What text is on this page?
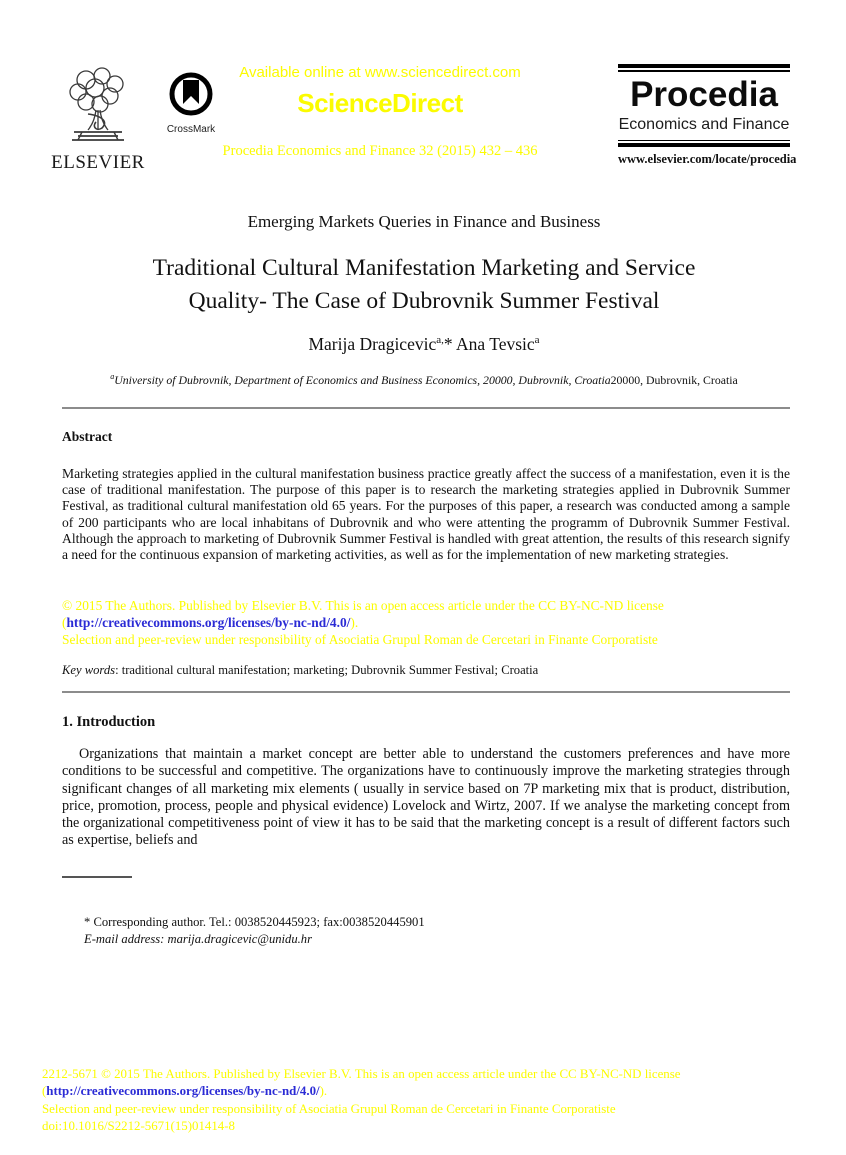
ELSEVIER
CrossMark
Available online at www.sciencedirect.com
ScienceDirect
Procedia Economics and Finance 32 (2015) 432 – 436
Procedia
Economics and Finance
www.elsevier.com/locate/procedia
Emerging Markets Queries in Finance and Business
Traditional Cultural Manifestation Marketing and Service
Quality- The Case of Dubrovnik Summer Festival
Marija Dragicevic$^{a,}$* Ana Tevsic$^a$
$^a$University of Dubrovnik, Department of Economics and Business Economics, 20000, Dubrovnik, Croatia20000, Dubrovnik, Croatia
Abstract
Marketing strategies applied in the cultural manifestation business practice greatly affect the success of a manifestation, even it is the case of traditional manifestation. The purpose of this paper is to research the marketing strategies applied in Dubrovnik Summer Festival, as traditional cultural manifestation old 65 years. For the purposes of this paper, a research was conducted among a sample of 200 participants who are local inhabitans of Dubrovnik and who were attenting the programm of Dubrovnik Summer Festival. Although the approach to marketing of Dubrovnik Summer Festival is handled with great attention, the results of this research signify a need for the continuous expansion of marketing activities, as well as for the implementation of new marketing strategies.
© 2015 The Authors. Published by Elsevier B.V. This is an open access article under the CC BY-NC-ND license
(http://creativecommons.org/licenses/by-nc-nd/4.0/).
Selection and peer-review under responsibility of Asociatia Grupul Roman de Cercetari in Finante Corporatiste
Key words: traditional cultural manifestation; marketing; Dubrovnik Summer Festival; Croatia
1. Introduction
Organizations that maintain a market concept are better able to understand the customers preferences and have more conditions to be successful and competitive. The organizations have to continuously improve the marketing strategies through significant changes of all marketing mix elements ( usually in service based on 7P marketing mix that is product, distribution, price, promotion, process, people and physical evidence) Lovelock and Wirtz, 2007. If we analyse the marketing concept from the organizational competitiveness point of view it has to be said that the marketing concept is a result of different factors such as expertise, beliefs and
* Corresponding author. Tel.: 0038520445923; fax:0038520445901
E-mail address: marija.dragicevic@unidu.hr
2212-5671 © 2015 The Authors. Published by Elsevier B.V. This is an open access article under the CC BY-NC-ND license
(http://creativecommons.org/licenses/by-nc-nd/4.0/).
Selection and peer-review under responsibility of Asociatia Grupul Roman de Cercetari in Finante Corporatiste
doi:10.1016/S2212-5671(15)01414-8
